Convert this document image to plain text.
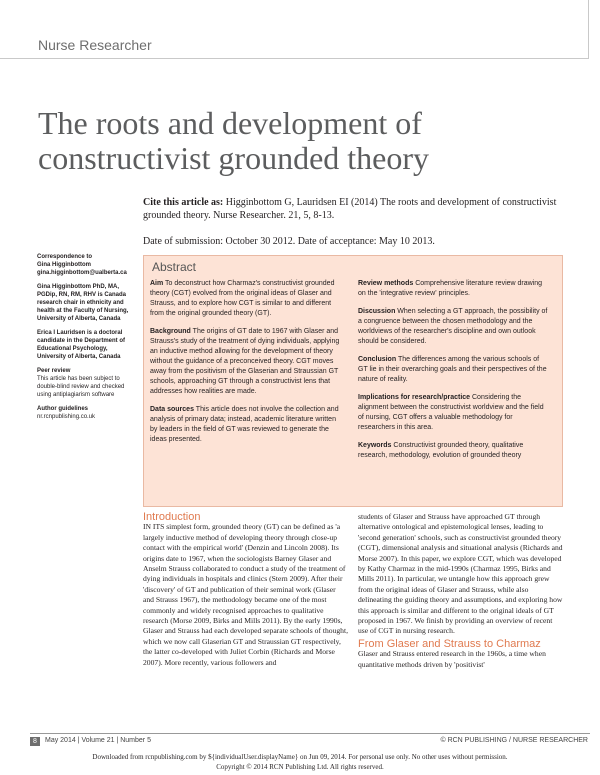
Nurse Researcher
The roots and development of constructivist grounded theory
Cite this article as: Higginbottom G, Lauridsen EI (2014) The roots and development of constructivist grounded theory. Nurse Researcher. 21, 5, 8-13.
Date of submission: October 30 2012. Date of acceptance: May 10 2013.
Correspondence to
Gina Higginbottom
gina.higginbottom@ualberta.ca
Gina Higginbottom PhD, MA, PGDip, RN, RM, RHV is Canada research chair in ethnicity and health at the Faculty of Nursing, University of Alberta, Canada
Erica I Lauridsen is a doctoral candidate in the Department of Educational Psychology, University of Alberta, Canada
Peer review
This article has been subject to double-blind review and checked using antiplagiarism software
Author guidelines
nr.rcnpublishing.co.uk
Abstract

Aim To deconstruct how Charmaz's constructivist grounded theory (CGT) evolved from the original ideas of Glaser and Strauss, and to explore how CGT is similar to and different from the original grounded theory (GT).

Background The origins of GT date to 1967 with Glaser and Strauss's study of the treatment of dying individuals, applying an inductive method allowing for the development of theory without the guidance of a preconceived theory. CGT moves away from the positivism of the Glaserian and Straussian GT schools, approaching GT through a constructivist lens that addresses how realities are made.

Data sources This article does not involve the collection and analysis of primary data; instead, academic literature written by leaders in the field of GT was reviewed to generate the ideas presented.

Review methods Comprehensive literature review drawing on the 'integrative review' principles.

Discussion When selecting a GT approach, the possibility of a congruence between the chosen methodology and the worldviews of the researcher's discipline and own outlook should be considered.

Conclusion The differences among the various schools of GT lie in their overarching goals and their perspectives of the nature of reality.

Implications for research/practice Considering the alignment between the constructivist worldview and the field of nursing, CGT offers a valuable methodology for researchers in this area.

Keywords Constructivist grounded theory, qualitative research, methodology, evolution of grounded theory

Introduction

IN ITS simplest form, grounded theory (GT) can be defined as 'a largely inductive method of developing theory through close-up contact with the empirical world' (Denzin and Lincoln 2008). Its origins date to 1967, when the sociologists Barney Glaser and Anselm Strauss collaborated to conduct a study of the treatment of dying individuals in hospitals and clinics (Stern 2009). After their 'discovery' of GT and publication of their seminal work (Glaser and Strauss 1967), the methodology became one of the most commonly and widely recognised approaches to qualitative research (Morse 2009, Birks and Mills 2011). By the early 1990s, Glaser and Strauss had each developed separate schools of thought, which we now call Glaserian GT and Straussian GT respectively, the latter co-developed with Juliet Corbin (Richards and Morse 2007). More recently, various followers and

students of Glaser and Strauss have approached GT through alternative ontological and epistemological lenses, leading to 'second generation' schools, such as constructivist grounded theory (CGT), dimensional analysis and situational analysis (Richards and Morse 2007). In this paper, we explore CGT, which was developed by Kathy Charmaz in the mid-1990s (Charmaz 1995, Birks and Mills 2011). In particular, we untangle how this approach grew from the original ideas of Glaser and Strauss, while also delineating the guiding theory and assumptions, and exploring how this approach is similar and different to the original ideals of GT proposed in 1967. We finish by providing an overview of recent use of CGT in nursing research.

From Glaser and Strauss to Charmaz

Glaser and Strauss entered research in the 1960s, a time when quantitative methods driven by 'positivist'

8	May 2014 | Volume 21 | Number 5	© RCN PUBLISHING / NURSE RESEARCHER
Downloaded from rcnpublishing.com by ${individualUser.displayName} on Jun 09, 2014. For personal use only. No other uses without permission.
Copyright © 2014 RCN Publishing Ltd. All rights reserved.
